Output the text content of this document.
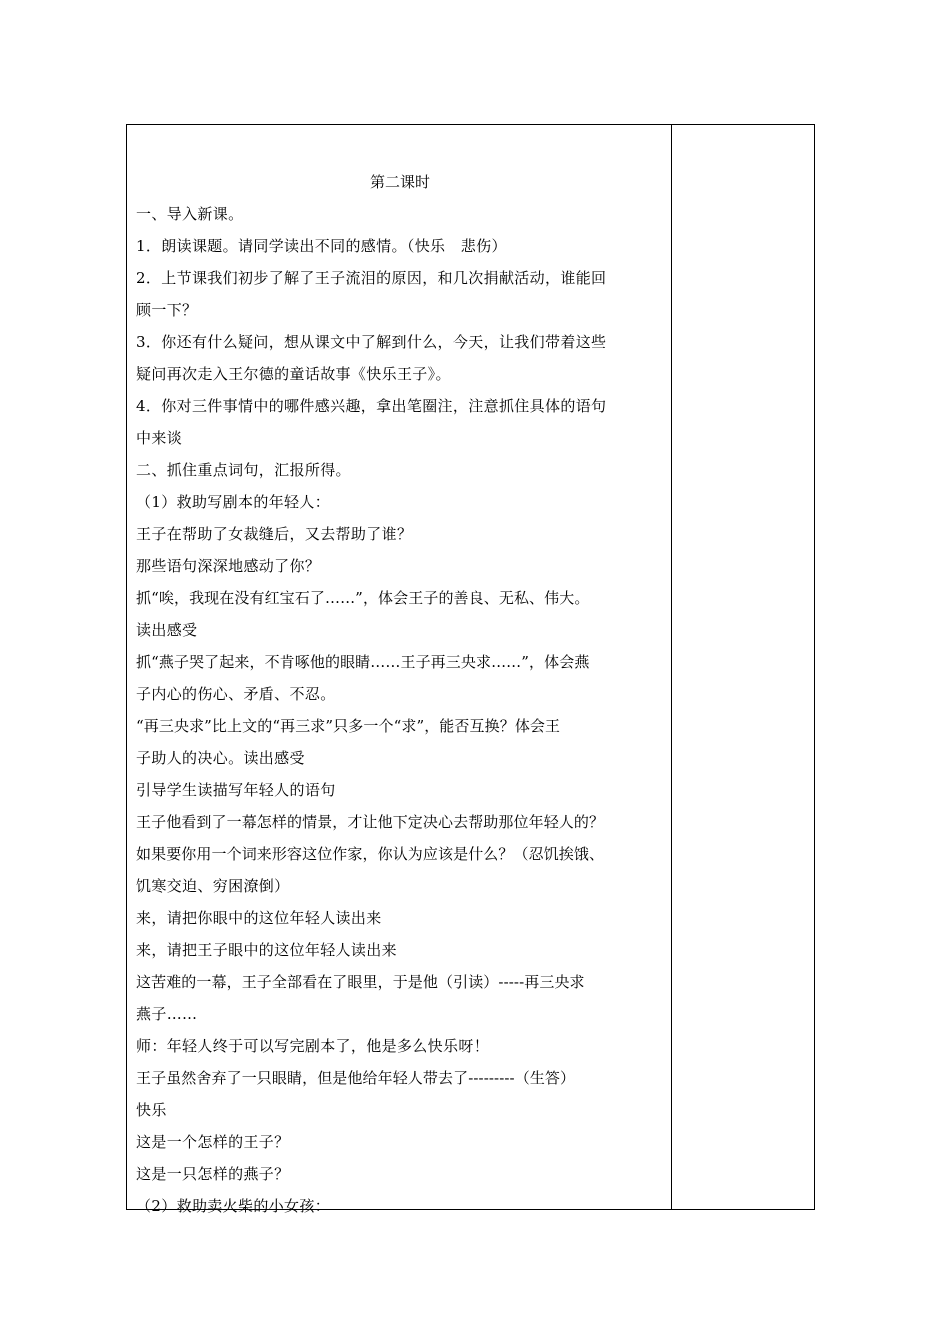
第二课时
一、导入新课。
1．朗读课题。请同学读出不同的感情。（快乐　悲伤）
2．上节课我们初步了解了王子流泪的原因，和几次捐献活动，谁能回
顾一下？
3．你还有什么疑问，想从课文中了解到什么，今天，让我们带着这些
疑问再次走入王尔德的童话故事《快乐王子》。
4．你对三件事情中的哪件感兴趣，拿出笔圈注，注意抓住具体的语句
中来谈
二、抓住重点词句，汇报所得。
（1）救助写剧本的年轻人：
王子在帮助了女裁缝后，又去帮助了谁？
那些语句深深地感动了你？
抓“唉，我现在没有红宝石了……”，体会王子的善良、无私、伟大。
读出感受
抓“燕子哭了起来，不肯啄他的眼睛……王子再三央求……”，体会燕
子内心的伤心、矛盾、不忍。
“再三央求”比上文的“再三求”只多一个“求”，能否互换？体会王
子助人的决心。读出感受
引导学生读描写年轻人的语句
王子他看到了一幕怎样的情景，才让他下定决心去帮助那位年轻人的？
如果要你用一个词来形容这位作家，你认为应该是什么？（忍饥挨饿、
饥寒交迫、穷困潦倒）
来，请把你眼中的这位年轻人读出来
来，请把王子眼中的这位年轻人读出来
这苦难的一幕，王子全部看在了眼里，于是他（引读）-----再三央求
燕子……
师：年轻人终于可以写完剧本了，他是多么快乐呀！
王子虽然舍弃了一只眼睛，但是他给年轻人带去了---------（生答）
快乐
这是一个怎样的王子？
这是一只怎样的燕子？
（2）救助卖火柴的小女孩：
